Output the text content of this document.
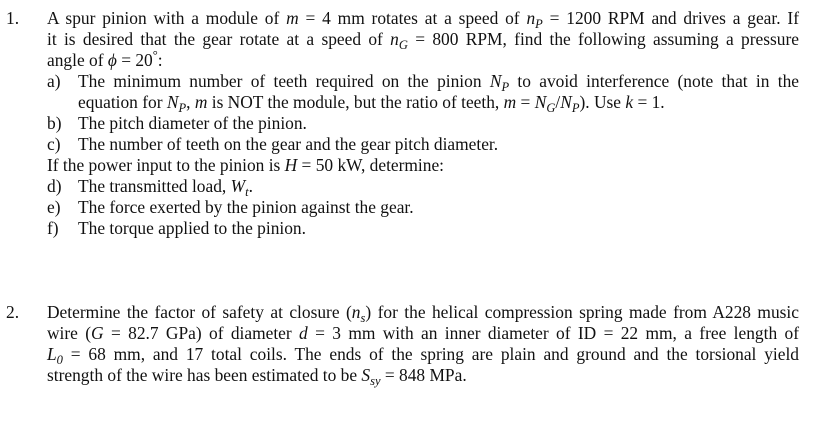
1. A spur pinion with a module of m = 4 mm rotates at a speed of $n_P = 1200$ RPM and drives a gear. If
it is desired that the gear rotate at a speed of $n_G = 800$ RPM, find the following assuming a pressure
angle of ϕ = 20°:
a) The minimum number of teeth required on the pinion $N_P$ to avoid interference (note that in the
equation for $N_P$, m is NOT the module, but the ratio of teeth, $m = N_G/N_P$). Use k = 1.
b) The pitch diameter of the pinion.
c) The number of teeth on the gear and the gear pitch diameter.
If the power input to the pinion is H = 50 kW, determine:
d) The transmitted load, $W_t$.
e) The force exerted by the pinion against the gear.
f) The torque applied to the pinion.
2. Determine the factor of safety at closure $(n_s)$ for the helical compression spring made from A228 music
wire (G = 82.7 GPa) of diameter d = 3 mm with an inner diameter of ID = 22 mm, a free length of
$L_0 = 68$ mm, and 17 total coils. The ends of the spring are plain and ground and the torsional yield
strength of the wire has been estimated to be $S_{sy} = 848$ MPa.
